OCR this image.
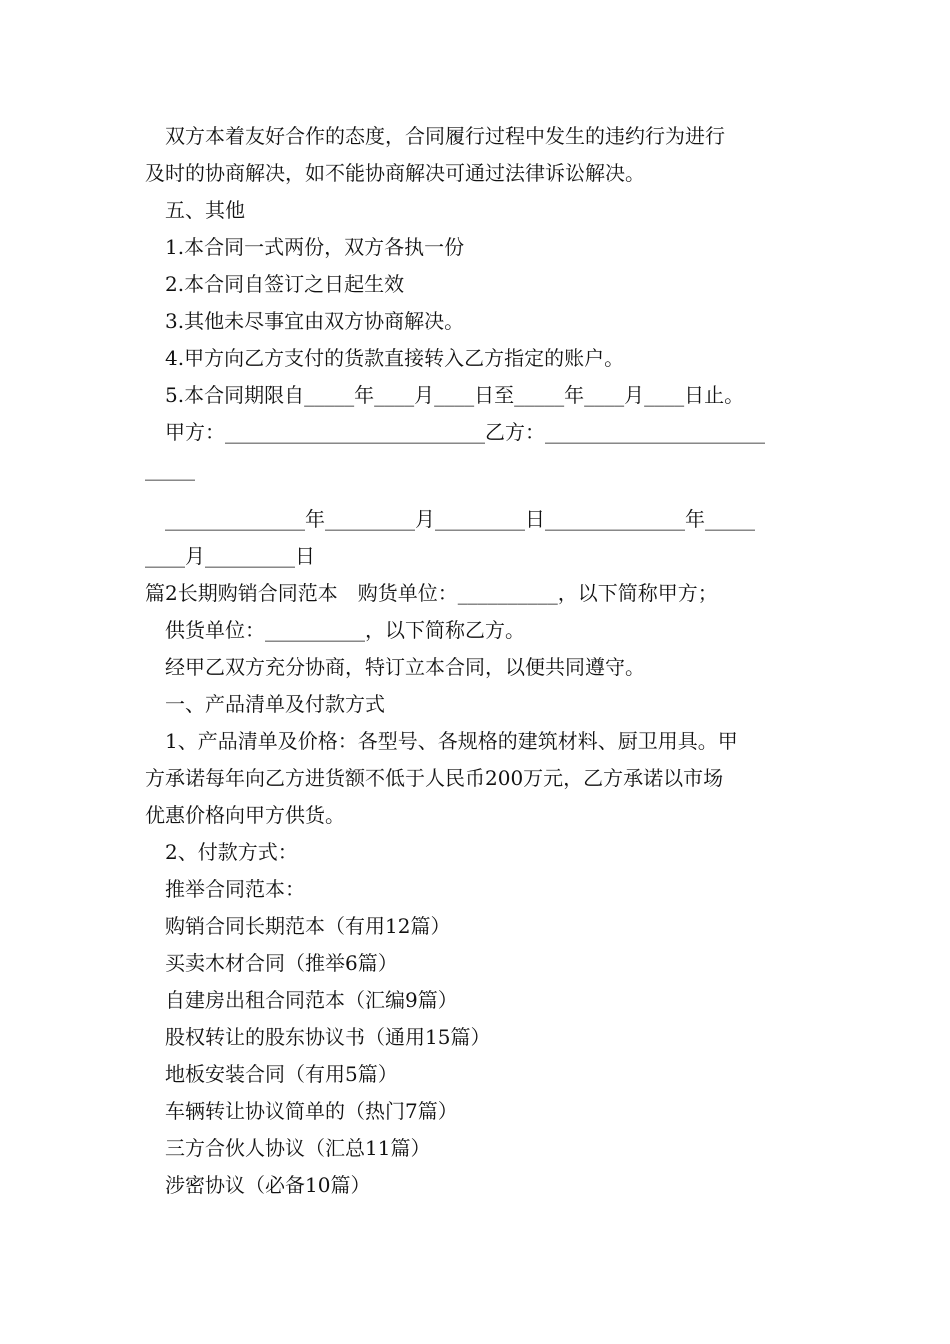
双方本着友好合作的态度，合同履行过程中发生的违约行为进行
及时的协商解决，如不能协商解决可通过法律诉讼解决。
五、其他
1.本合同一式两份，双方各执一份
2.本合同自签订之日起生效
3.其他未尽事宜由双方协商解决。
4.甲方向乙方支付的货款直接转入乙方指定的账户。
5.本合同期限自_____年____月____日至_____年____月____日止。
甲方：__________________________乙方：______________________
_____
______________年_________月_________日______________年_____
____月_________日
篇2长期购销合同范本　购货单位：__________，以下简称甲方；
供货单位：__________，以下简称乙方。
经甲乙双方充分协商，特订立本合同，以便共同遵守。
一、产品清单及付款方式
1、产品清单及价格：各型号、各规格的建筑材料、厨卫用具。甲
方承诺每年向乙方进货额不低于人民币200万元，乙方承诺以市场
优惠价格向甲方供货。
2、付款方式：
推举合同范本：
购销合同长期范本（有用12篇）
买卖木材合同（推举6篇）
自建房出租合同范本（汇编9篇）
股权转让的股东协议书（通用15篇）
地板安装合同（有用5篇）
车辆转让协议简单的（热门7篇）
三方合伙人协议（汇总11篇）
涉密协议（必备10篇）
